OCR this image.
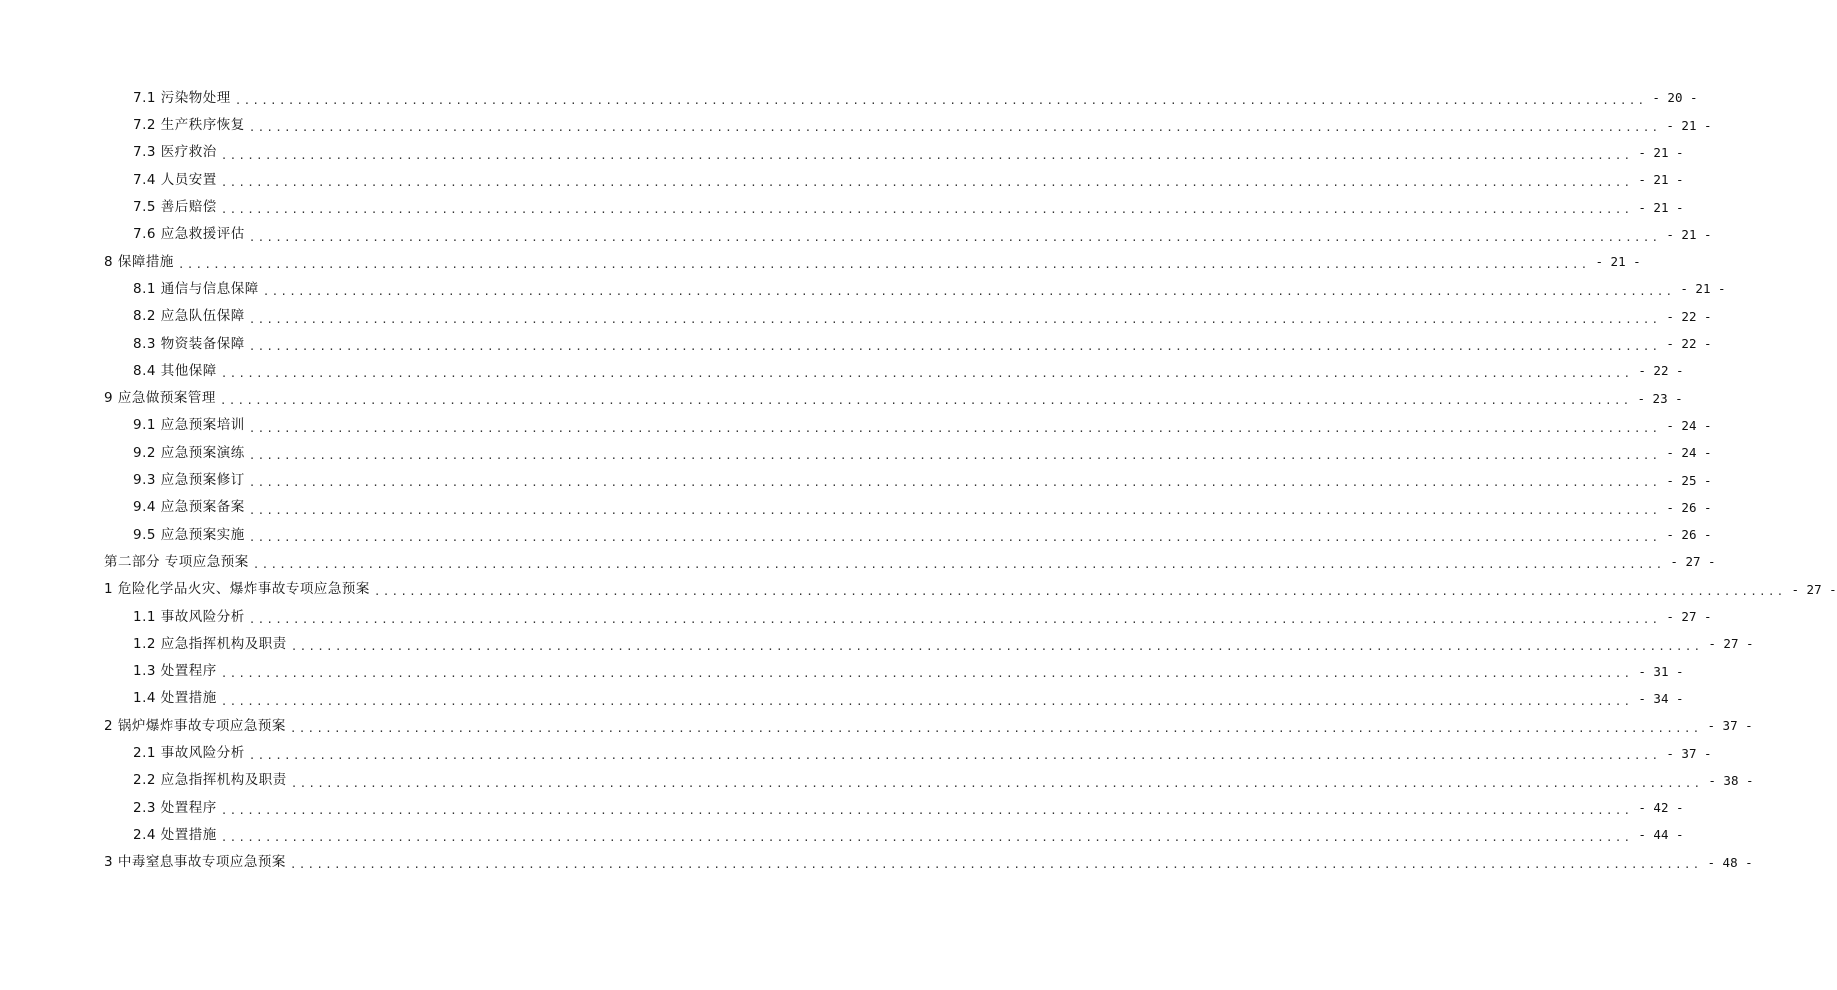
7.1 污染物处理 ................................................................................................................................................................ - 20 -
7.2 生产秩序恢复 ................................................................................................................................................................ - 21 -
7.3 医疗救治 ................................................................................................................................................................ - 21 -
7.4 人员安置 ................................................................................................................................................................ - 21 -
7.5 善后赔偿 ................................................................................................................................................................ - 21 -
7.6 应急救援评估 ................................................................................................................................................................ - 21 -
8 保障措施 ................................................................................................................................................................ - 21 -
8.1 通信与信息保障 ................................................................................................................................................................ - 21 -
8.2 应急队伍保障 ................................................................................................................................................................ - 22 -
8.3 物资装备保障 ................................................................................................................................................................ - 22 -
8.4 其他保障 ................................................................................................................................................................ - 22 -
9 应急做预案管理 ................................................................................................................................................................ - 23 -
9.1 应急预案培训 ................................................................................................................................................................ - 24 -
9.2 应急预案演练 ................................................................................................................................................................ - 24 -
9.3 应急预案修订 ................................................................................................................................................................ - 25 -
9.4 应急预案备案 ................................................................................................................................................................ - 26 -
9.5 应急预案实施 ................................................................................................................................................................ - 26 -
第二部分 专项应急预案 ................................................................................................................................................................ - 27 -
1 危险化学品火灾、爆炸事故专项应急预案 ................................................................................................................................................................ - 27 -
1.1 事故风险分析 ................................................................................................................................................................ - 27 -
1.2 应急指挥机构及职责 ................................................................................................................................................................ - 27 -
1.3 处置程序 ................................................................................................................................................................ - 31 -
1.4 处置措施 ................................................................................................................................................................ - 34 -
2 锅炉爆炸事故专项应急预案 ................................................................................................................................................................ - 37 -
2.1 事故风险分析 ................................................................................................................................................................ - 37 -
2.2 应急指挥机构及职责 ................................................................................................................................................................ - 38 -
2.3 处置程序 ................................................................................................................................................................ - 42 -
2.4 处置措施 ................................................................................................................................................................ - 44 -
3 中毒窒息事故专项应急预案 ................................................................................................................................................................ - 48 -
